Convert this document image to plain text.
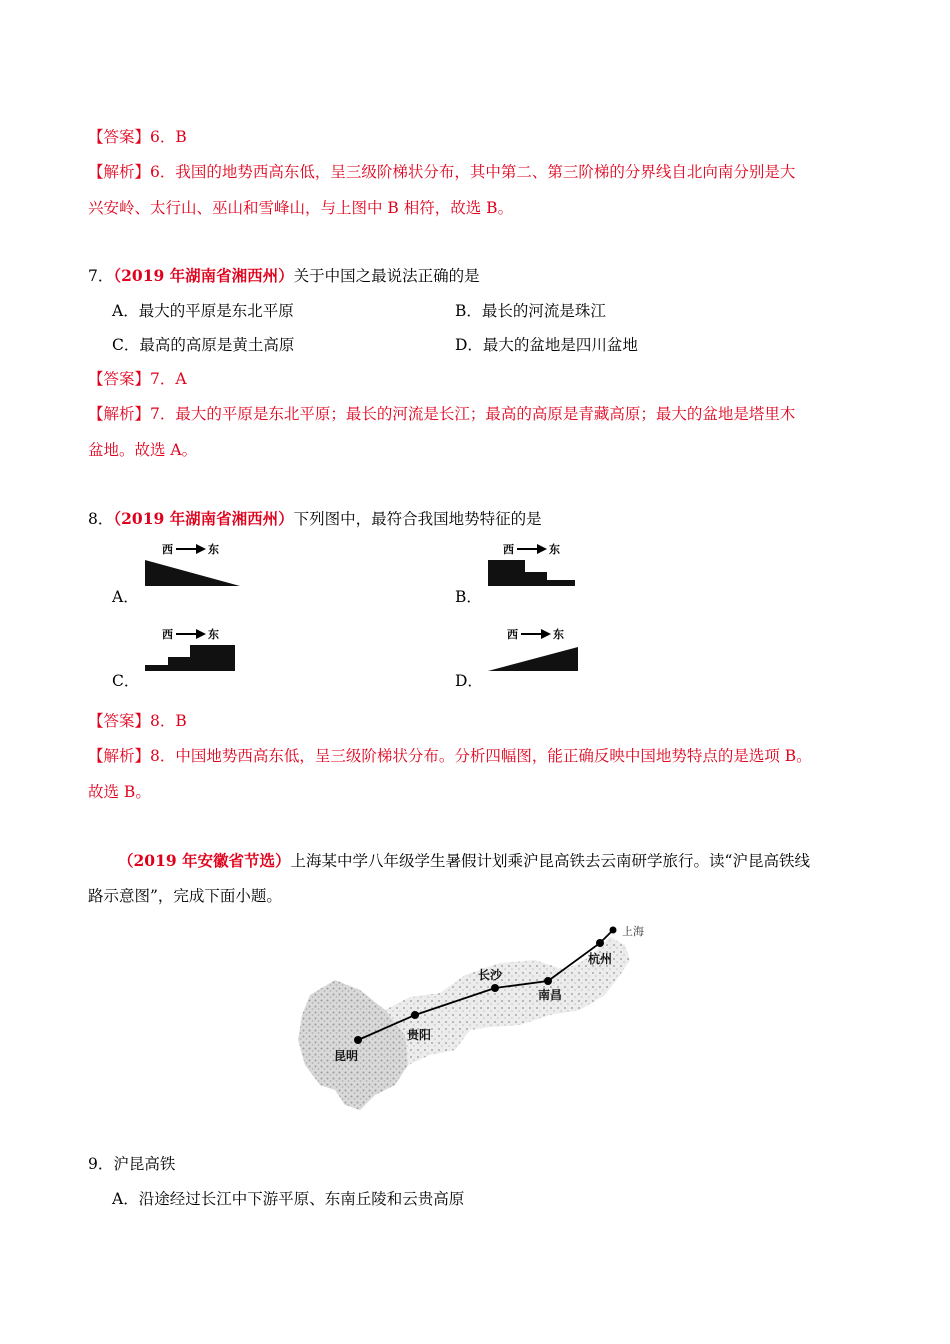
【答案】6．B
【解析】6．我国的地势西高东低，呈三级阶梯状分布，其中第二、第三阶梯的分界线自北向南分别是大
兴安岭、太行山、巫山和雪峰山，与上图中 B 相符，故选 B。
7．（2019 年湖南省湘西州）关于中国之最说法正确的是
A．最大的平原是东北平原	B．最长的河流是珠江
C．最高的高原是黄土高原	D．最大的盆地是四川盆地
【答案】7．A
【解析】7．最大的平原是东北平原；最长的河流是长江；最高的高原是青藏高原；最大的盆地是塔里木
盆地。故选 A。
8．（2019 年湖南省湘西州）下列图中，最符合我国地势特征的是
西	东
A．
西	东
B．
西	东
C．
西	东
D．
【答案】8．B
【解析】8．中国地势西高东低，呈三级阶梯状分布。分析四幅图，能正确反映中国地势特点的是选项 B。
故选 B。
（2019 年安徽省节选）上海某中学八年级学生暑假计划乘沪昆高铁去云南研学旅行。读“沪昆高铁线
路示意图”，完成下面小题。
上海
杭州
南昌
长沙
贵阳
昆明
9．沪昆高铁
A．沿途经过长江中下游平原、东南丘陵和云贵高原
